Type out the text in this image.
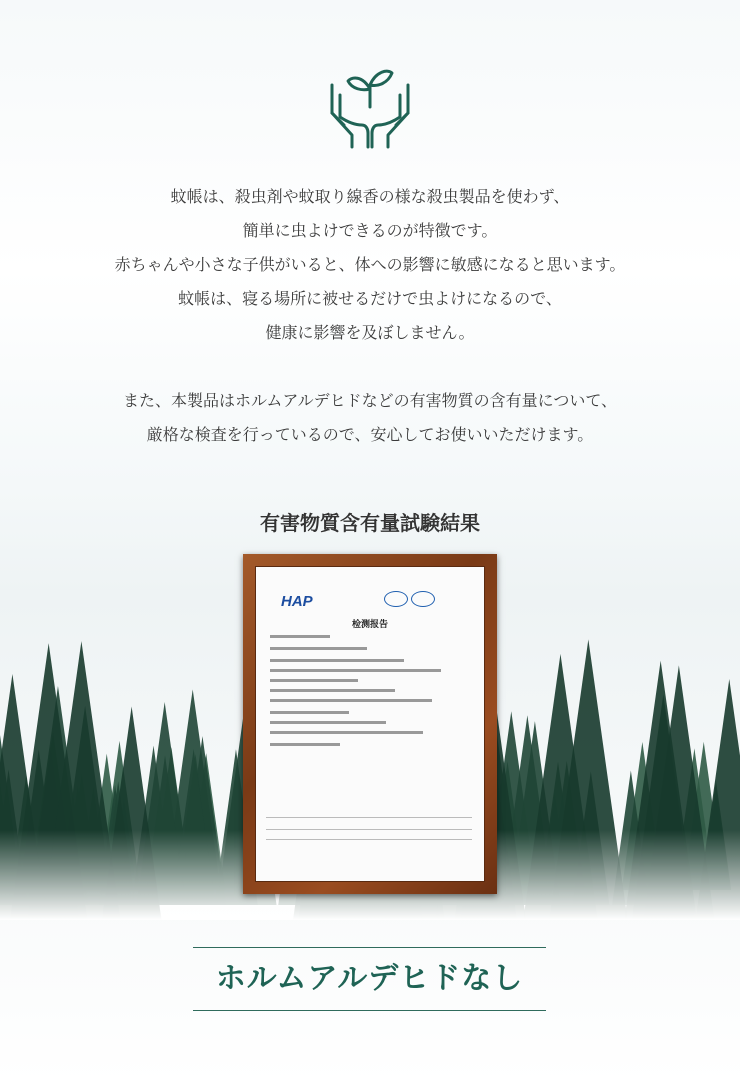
蚊帳は、殺虫剤や蚊取り線香の様な殺虫製品を使わず、

簡単に虫よけできるのが特徴です。

赤ちゃんや小さな子供がいると、体への影響に敏感になると思います。

蚊帳は、寝る場所に被せるだけで虫よけになるので、

健康に影響を及ぼしません。

また、本製品はホルムアルデヒドなどの有害物質の含有量について、

厳格な検査を行っているので、安心してお使いいただけます。

有害物質含有量試験結果
HAP
检测报告
ホルムアルデヒドなし
